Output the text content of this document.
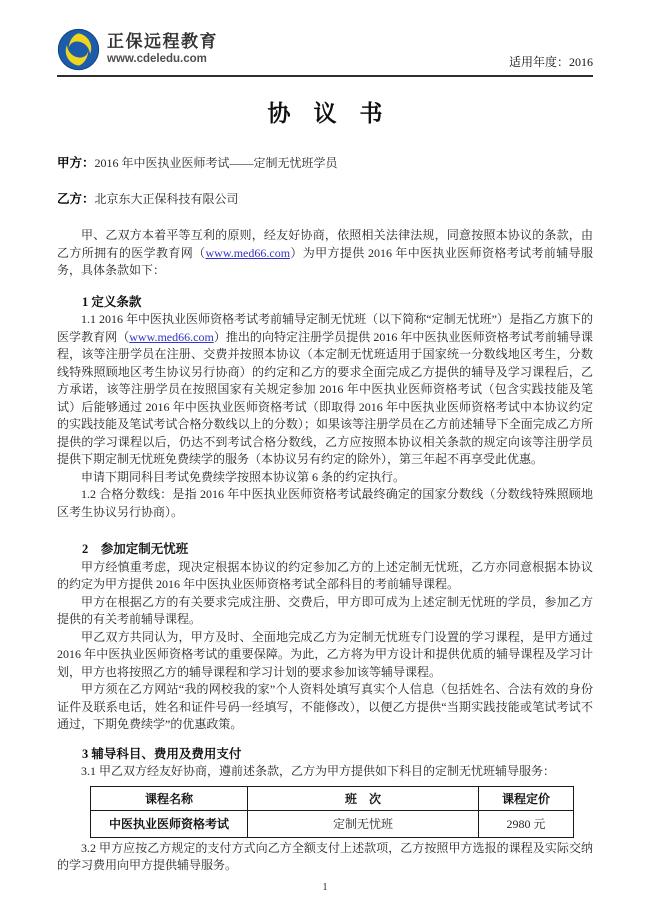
正保远程教育
www.cdeledu.com	适用年度：2016
协　议　书

甲方：2016 年中医执业医师考试——定制无忧班学员

乙方：北京东大正保科技有限公司

甲、乙双方本着平等互利的原则，经友好协商，依照相关法律法规，同意按照本协议的条款，由乙方所拥有的医学教育网（www.med66.com）为甲方提供 2016 年中医执业医师资格考试考前辅导服务，具体条款如下：

1 定义条款

1.1 2016 年中医执业医师资格考试考前辅导定制无忧班（以下简称“定制无忧班”）是指乙方旗下的医学教育网（www.med66.com）推出的向特定注册学员提供 2016 年中医执业医师资格考试考前辅导课程，该等注册学员在注册、交费并按照本协议（本定制无忧班适用于国家统一分数线地区考生，分数线特殊照顾地区考生协议另行协商）的约定和乙方的要求全面完成乙方提供的辅导及学习课程后，乙方承诺，该等注册学员在按照国家有关规定参加 2016 年中医执业医师资格考试（包含实践技能及笔试）后能够通过 2016 年中医执业医师资格考试（即取得 2016 年中医执业医师资格考试中本协议约定的实践技能及笔试考试合格分数线以上的分数）；如果该等注册学员在乙方前述辅导下全面完成乙方所提供的学习课程以后，仍达不到考试合格分数线，乙方应按照本协议相关条款的规定向该等注册学员提供下期定制无忧班免费续学的服务（本协议另有约定的除外），第三年起不再享受此优惠。

申请下期同科目考试免费续学按照本协议第 6 条的约定执行。

1.2 合格分数线：是指 2016 年中医执业医师资格考试最终确定的国家分数线（分数线特殊照顾地区考生协议另行协商）。

2　参加定制无忧班

甲方经慎重考虑，现决定根据本协议的约定参加乙方的上述定制无忧班，乙方亦同意根据本协议的约定为甲方提供 2016 年中医执业医师资格考试全部科目的考前辅导课程。

甲方在根据乙方的有关要求完成注册、交费后，甲方即可成为上述定制无忧班的学员，参加乙方提供的有关考前辅导课程。

甲乙双方共同认为，甲方及时、全面地完成乙方为定制无忧班专门设置的学习课程，是甲方通过 2016 年中医执业医师资格考试的重要保障。为此，乙方将为甲方设计和提供优质的辅导课程及学习计划，甲方也将按照乙方的辅导课程和学习计划的要求参加该等辅导课程。

甲方须在乙方网站“我的网校我的家”个人资料处填写真实个人信息（包括姓名、合法有效的身份证件及联系电话，姓名和证件号码一经填写，不能修改），以便乙方提供“当期实践技能或笔试考试不通过，下期免费续学”的优惠政策。

3 辅导科目、费用及费用支付

3.1 甲乙双方经友好协商，遵前述条款，乙方为甲方提供如下科目的定制无忧班辅导服务：

课程名称	班　次	课程定价
中医执业医师资格考试	定制无忧班	2980 元

3.2 甲方应按乙方规定的支付方式向乙方全额支付上述款项，乙方按照甲方选报的课程及实际交纳的学习费用向甲方提供辅导服务。

1
